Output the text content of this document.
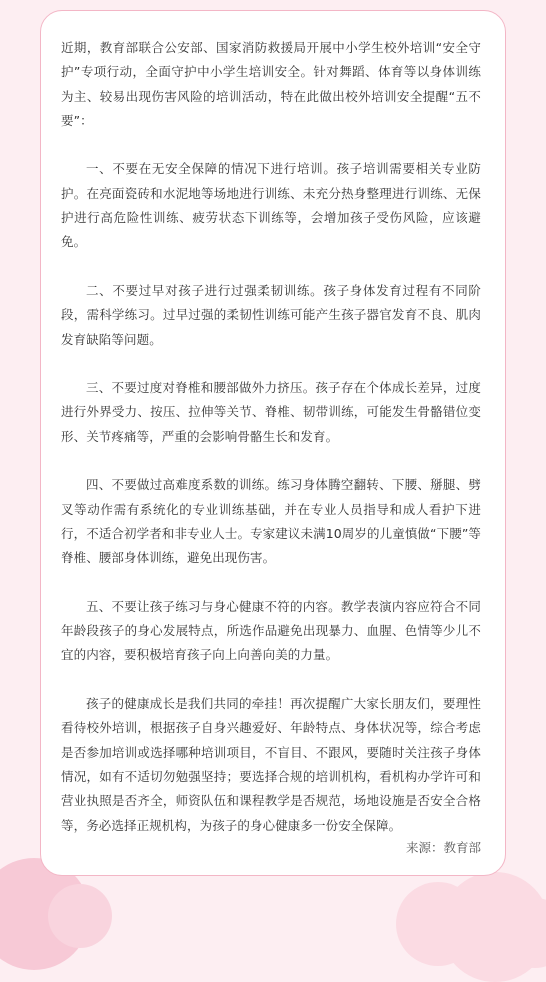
近期，教育部联合公安部、国家消防救援局开展中小学生校外培训“安全守护”专项行动，全面守护中小学生培训安全。针对舞蹈、体育等以身体训练为主、较易出现伤害风险的培训活动，特在此做出校外培训安全提醒“五不要”：

一、不要在无安全保障的情况下进行培训。孩子培训需要相关专业防护。在亮面瓷砖和水泥地等场地进行训练、未充分热身整理进行训练、无保护进行高危险性训练、疲劳状态下训练等，会增加孩子受伤风险，应该避免。

二、不要过早对孩子进行过强柔韧训练。孩子身体发育过程有不同阶段，需科学练习。过早过强的柔韧性训练可能产生孩子器官发育不良、肌肉发育缺陷等问题。

三、不要过度对脊椎和腰部做外力挤压。孩子存在个体成长差异，过度进行外界受力、按压、拉伸等关节、脊椎、韧带训练，可能发生骨骼错位变形、关节疼痛等，严重的会影响骨骼生长和发育。

四、不要做过高难度系数的训练。练习身体腾空翻转、下腰、掰腿、劈叉等动作需有系统化的专业训练基础，并在专业人员指导和成人看护下进行，不适合初学者和非专业人士。专家建议未满10周岁的儿童慎做“下腰”等脊椎、腰部身体训练，避免出现伤害。

五、不要让孩子练习与身心健康不符的内容。教学表演内容应符合不同年龄段孩子的身心发展特点，所选作品避免出现暴力、血腥、色情等少儿不宜的内容，要积极培育孩子向上向善向美的力量。

孩子的健康成长是我们共同的牵挂！再次提醒广大家长朋友们，要理性看待校外培训，根据孩子自身兴趣爱好、年龄特点、身体状况等，综合考虑是否参加培训或选择哪种培训项目，不盲目、不跟风，要随时关注孩子身体情况，如有不适切勿勉强坚持；要选择合规的培训机构，看机构办学许可和营业执照是否齐全，师资队伍和课程教学是否规范，场地设施是否安全合格等，务必选择正规机构，为孩子的身心健康多一份安全保障。

来源：教育部
